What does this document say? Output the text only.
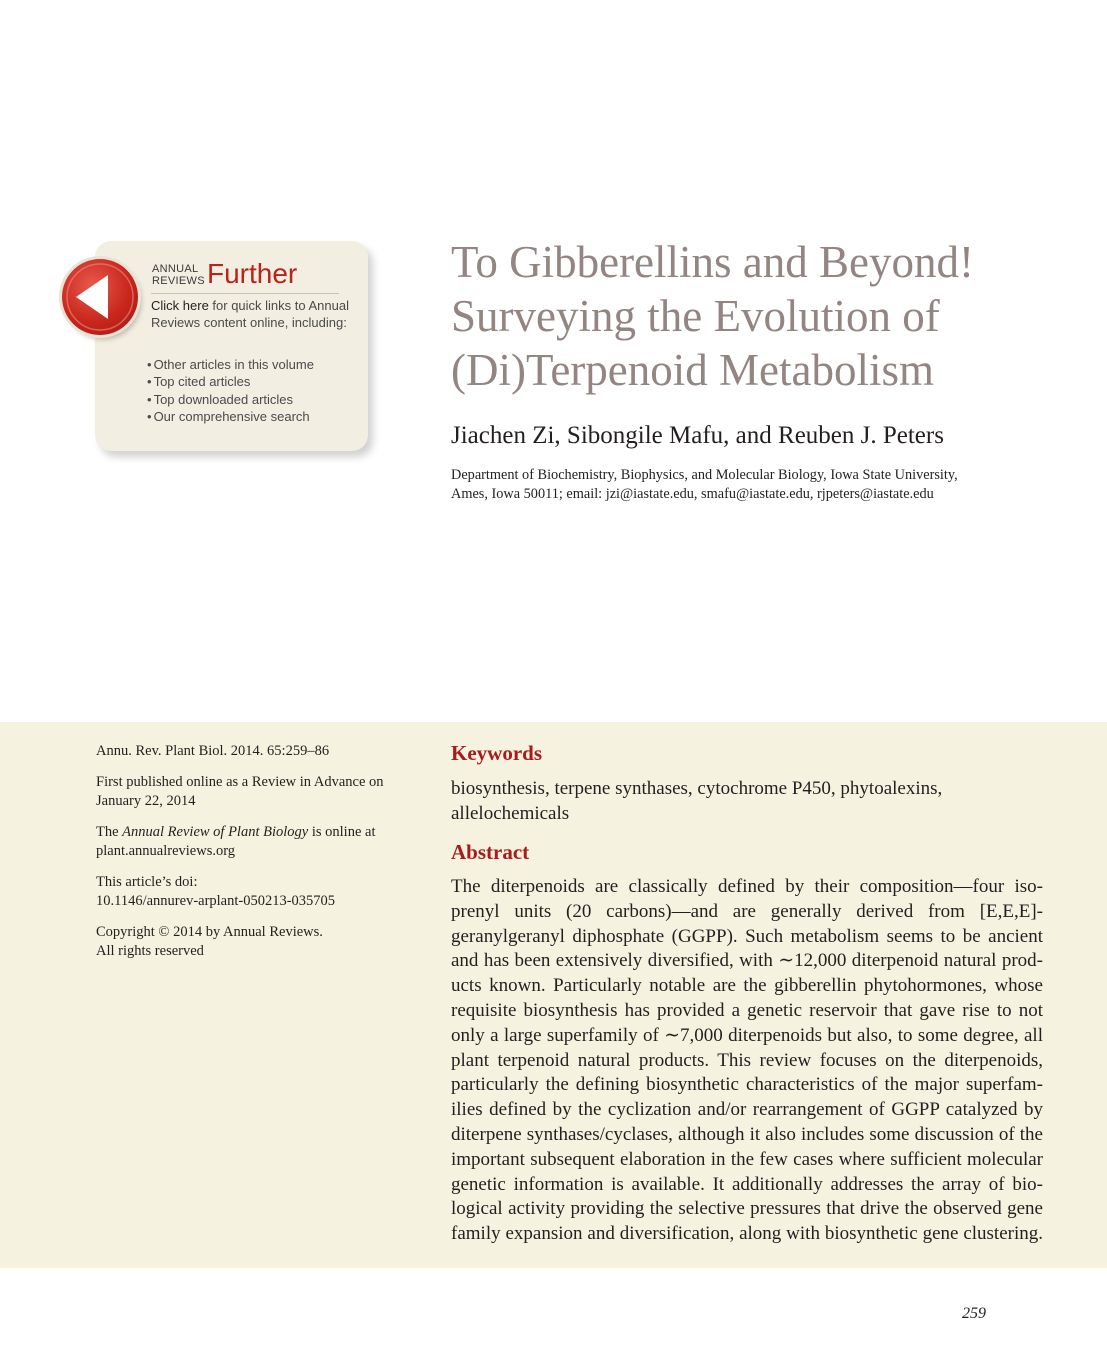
ANNUAL REVIEWS Further
Click here for quick links to Annual Reviews content online, including:
• Other articles in this volume
• Top cited articles
• Top downloaded articles
• Our comprehensive search
To Gibberellins and Beyond!
Surveying the Evolution of
(Di)Terpenoid Metabolism
Jiachen Zi, Sibongile Mafu, and Reuben J. Peters
Department of Biochemistry, Biophysics, and Molecular Biology, Iowa State University,
Ames, Iowa 50011; email: jzi@iastate.edu, smafu@iastate.edu, rjpeters@iastate.edu

Annu. Rev. Plant Biol. 2014. 65:259–86

First published online as a Review in Advance on
January 22, 2014

The Annual Review of Plant Biology is online at
plant.annualreviews.org

This article’s doi:
10.1146/annurev-arplant-050213-035705

Copyright © 2014 by Annual Reviews.
All rights reserved

Keywords
biosynthesis, terpene synthases, cytochrome P450, phytoalexins,
allelochemicals
Abstract
The diterpenoids are classically defined by their composition—four iso-
prenyl units (20 carbons)—and are generally derived from [E,E,E]-
geranylgeranyl diphosphate (GGPP). Such metabolism seems to be ancient
and has been extensively diversified, with ∼12,000 diterpenoid natural prod-
ucts known. Particularly notable are the gibberellin phytohormones, whose
requisite biosynthesis has provided a genetic reservoir that gave rise to not
only a large superfamily of ∼7,000 diterpenoids but also, to some degree, all
plant terpenoid natural products. This review focuses on the diterpenoids,
particularly the defining biosynthetic characteristics of the major superfam-
ilies defined by the cyclization and/or rearrangement of GGPP catalyzed by
diterpene synthases/cyclases, although it also includes some discussion of the
important subsequent elaboration in the few cases where sufficient molecular
genetic information is available. It additionally addresses the array of bio-
logical activity providing the selective pressures that drive the observed gene
family expansion and diversification, along with biosynthetic gene clustering.
259
